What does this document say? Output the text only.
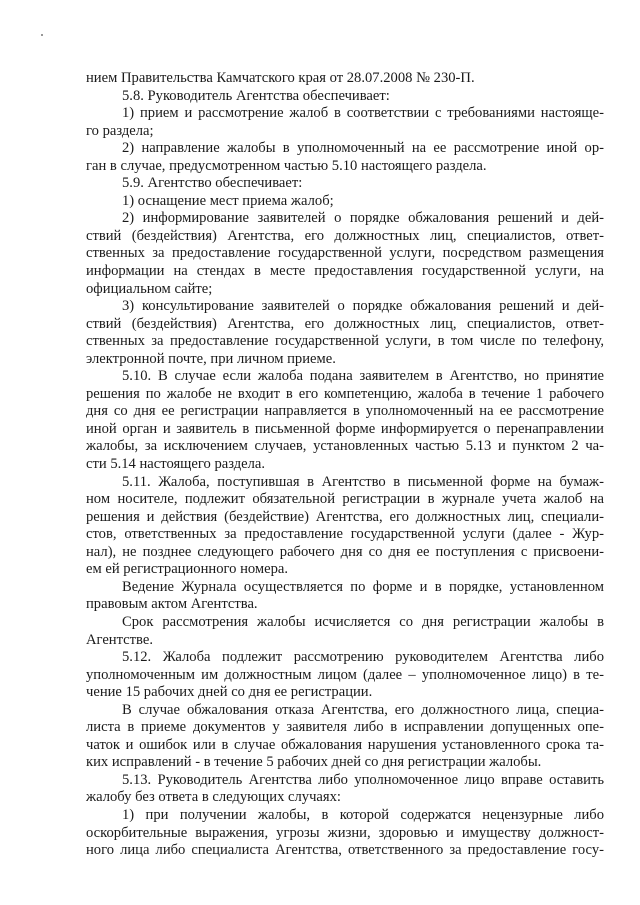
нием Правительства Камчатского края от 28.07.2008 № 230-П.
5.8. Руководитель Агентства обеспечивает:
1) прием и рассмотрение жалоб в соответствии с требованиями настояще-
го раздела;
2) направление жалобы в уполномоченный на ее рассмотрение иной ор-
ган в случае, предусмотренном частью 5.10 настоящего раздела.
5.9. Агентство обеспечивает:
1) оснащение мест приема жалоб;
2) информирование заявителей о порядке обжалования решений и дей-
ствий (бездействия) Агентства, его должностных лиц, специалистов, ответ-
ственных за предоставление государственной услуги, посредством размещения
информации на стендах в месте предоставления государственной услуги, на
официальном сайте;
3) консультирование заявителей о порядке обжалования решений и дей-
ствий (бездействия) Агентства, его должностных лиц, специалистов, ответ-
ственных за предоставление государственной услуги, в том числе по телефону,
электронной почте, при личном приеме.
5.10. В случае если жалоба подана заявителем в Агентство, но принятие
решения по жалобе не входит в его компетенцию, жалоба в течение 1 рабочего
дня со дня ее регистрации направляется в уполномоченный на ее рассмотрение
иной орган и заявитель в письменной форме информируется о перенаправлении
жалобы, за исключением случаев, установленных частью 5.13 и пунктом 2 ча-
сти 5.14 настоящего раздела.
5.11. Жалоба, поступившая в Агентство в письменной форме на бумаж-
ном носителе, подлежит обязательной регистрации в журнале учета жалоб на
решения и действия (бездействие) Агентства, его должностных лиц, специали-
стов, ответственных за предоставление государственной услуги (далее - Жур-
нал), не позднее следующего рабочего дня со дня ее поступления с присвоени-
ем ей регистрационного номера.
Ведение Журнала осуществляется по форме и в порядке, установленном
правовым актом Агентства.
Срок рассмотрения жалобы исчисляется со дня регистрации жалобы в
Агентстве.
5.12. Жалоба подлежит рассмотрению руководителем Агентства либо
уполномоченным им должностным лицом (далее – уполномоченное лицо) в те-
чение 15 рабочих дней со дня ее регистрации.
В случае обжалования отказа Агентства, его должностного лица, специа-
листа в приеме документов у заявителя либо в исправлении допущенных опе-
чаток и ошибок или в случае обжалования нарушения установленного срока та-
ких исправлений - в течение 5 рабочих дней со дня регистрации жалобы.
5.13. Руководитель Агентства либо уполномоченное лицо вправе оставить
жалобу без ответа в следующих случаях:
1) при получении жалобы, в которой содержатся нецензурные либо
оскорбительные выражения, угрозы жизни, здоровью и имуществу должност-
ного лица либо специалиста Агентства, ответственного за предоставление госу-
